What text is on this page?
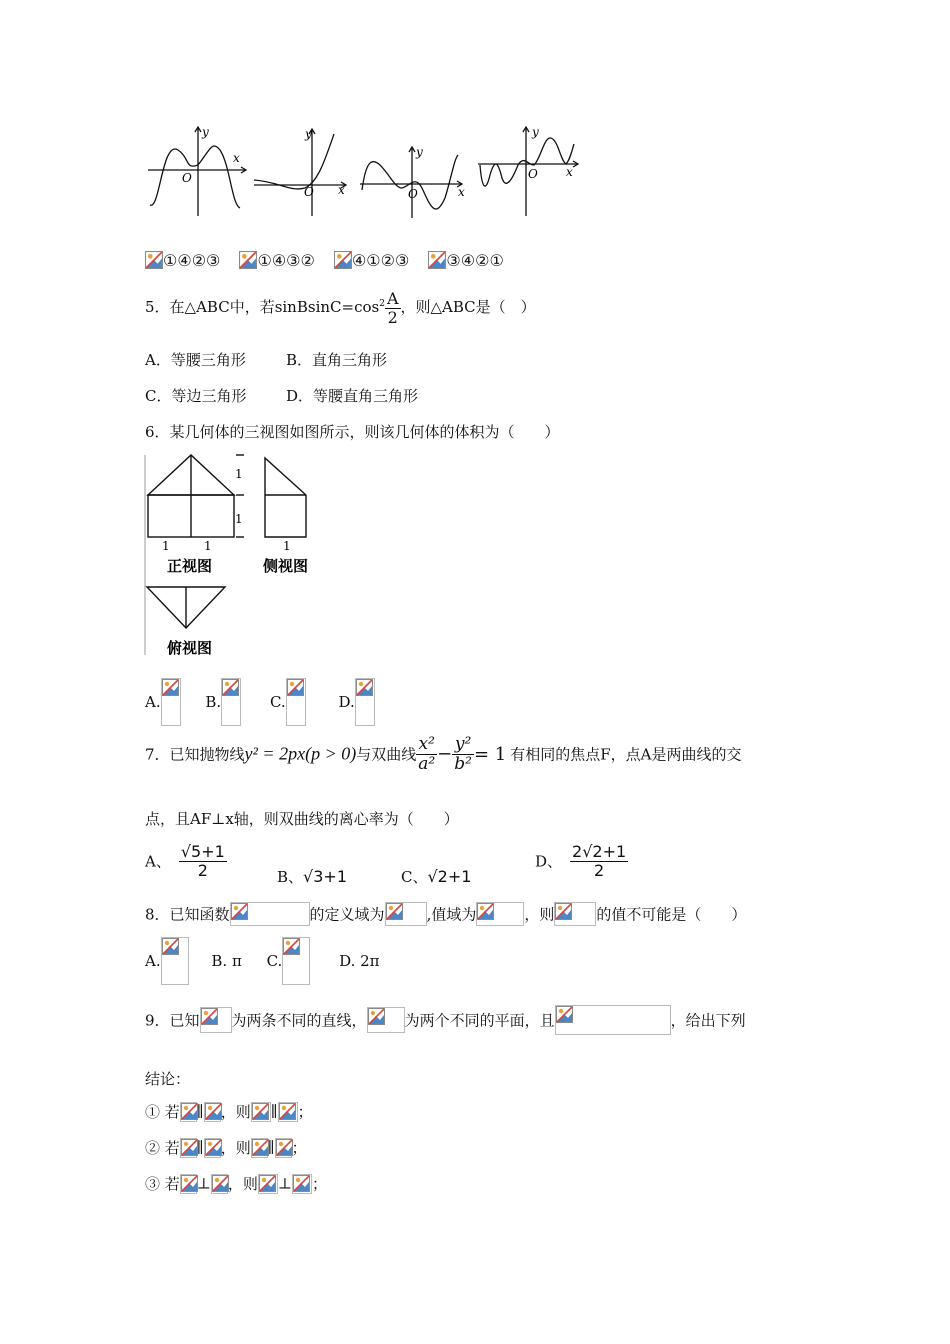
y
x
O
y
x
O
y
x
O
y
x
O
①④②③ ①④③② ④①②③ ③④②①
5．在△ABC中，若$sinBsinC=\cos^2 \frac{A}{2}$ ，则△ABC是（　）
A．等腰三角形	B．直角三角形
C．等边三角形	D．等腰直角三角形
6．某几何体的三视图如图所示，则该几何体的体积为（　　）
1
1
1	1	1
正视图	侧视图
俯视图
A.	B.	C.	D.
7．已知抛物线y² = 2px(p > 0)与双曲线 $\frac{\text{x²}}{\text{a²}} - \frac{\text{y²}}{\text{b²}} = 1$ 有相同的焦点F，点A是两曲线的交
点，且AF⊥x轴，则双曲线的离心率为（　　）
A、 $\frac{√5+1}{2}$	B、√3+1	C、√2+1
D、 $\frac{2√2+1}{2}$
8．已知函数	的定义域为	,值域为	，则	的值不可能是（　　）
A.	B. π C.	D. 2π
9．已知 为两条不同的直线，	为两个不同的平面，且	，给出下列
结论：
① 若 ∥ ，则 ∥ ；
② 若 ∥ ，则 ∥ ；
③ 若 ⊥ ，则 ⊥ ；
